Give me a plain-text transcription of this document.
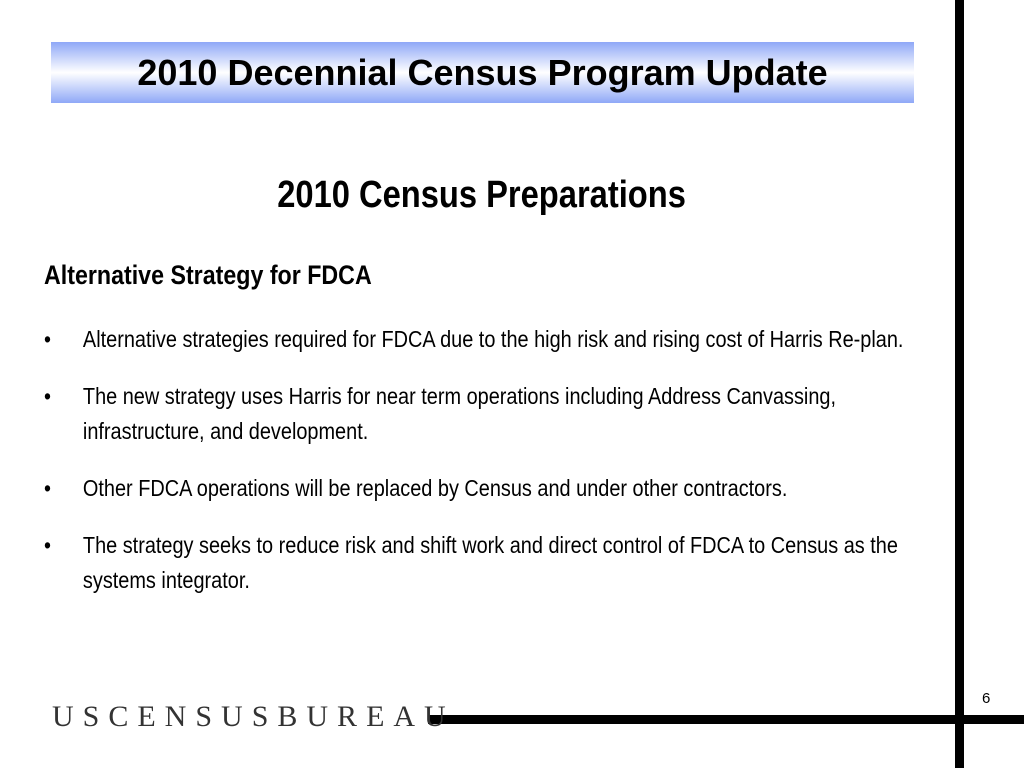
2010 Decennial Census Program Update
2010 Census Preparations
Alternative Strategy for FDCA
•	Alternative strategies required for FDCA due to the high risk and rising cost of Harris Re-plan.
•	The new strategy uses Harris for near term operations including Address Canvassing, infrastructure, and development.
•	Other FDCA operations will be replaced by Census and under other contractors.
•	The strategy seeks to reduce risk and shift work and direct control of FDCA to Census as the systems integrator.
6
USCENSUSBUREAU
